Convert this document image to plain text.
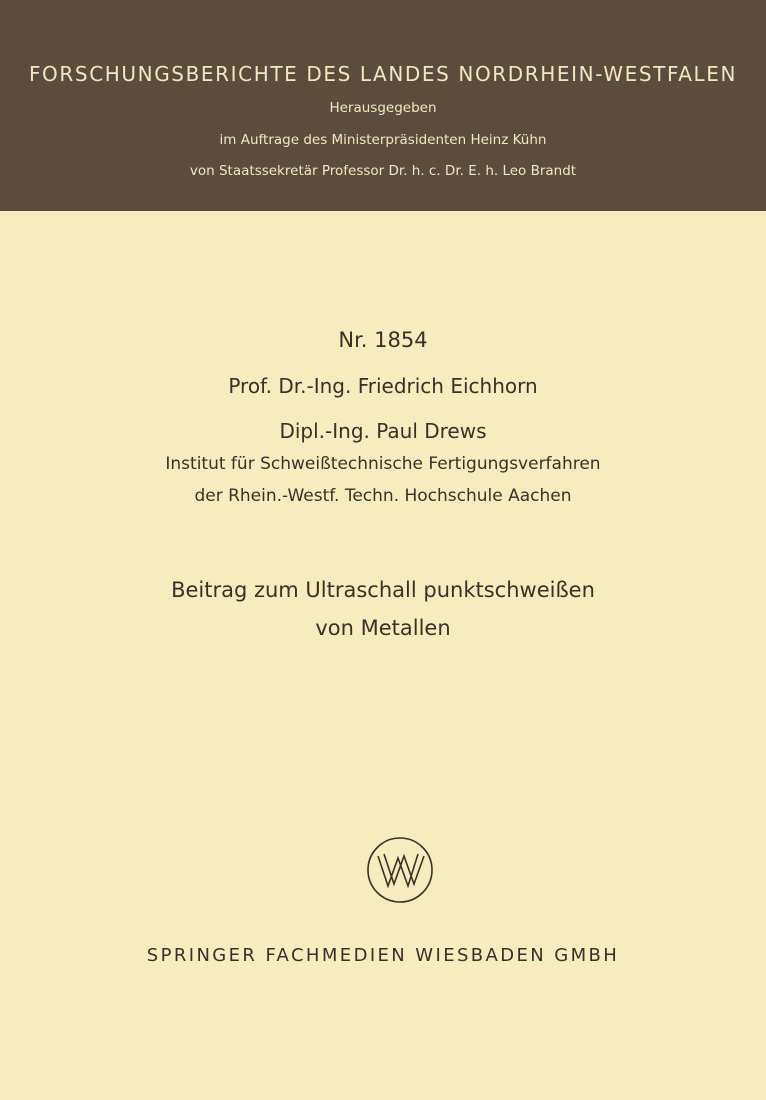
FORSCHUNGSBERICHTE DES LANDES NORDRHEIN-WESTFALEN
Herausgegeben
im Auftrage des Ministerpräsidenten Heinz Kühn
von Staatssekretär Professor Dr. h. c. Dr. E. h. Leo Brandt
Nr. 1854
Prof. Dr.-Ing. Friedrich Eichhorn
Dipl.-Ing. Paul Drews
Institut für Schweißtechnische Fertigungsverfahren
der Rhein.-Westf. Techn. Hochschule Aachen
Beitrag zum Ultraschall punktschweißen
von Metallen
SPRINGER FACHMEDIEN WIESBADEN GMBH
